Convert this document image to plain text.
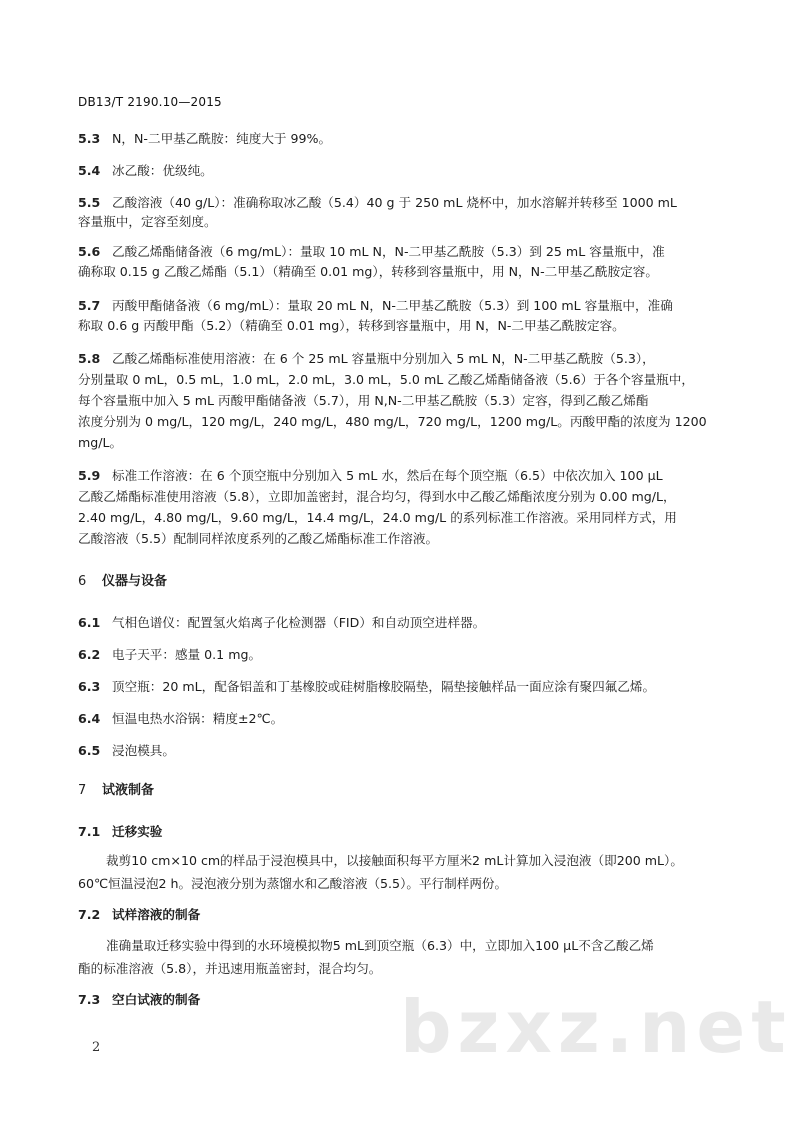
DB13/T 2190.10—2015
5.3 N，N-二甲基乙酰胺：纯度大于 99%。
5.4 冰乙酸：优级纯。
5.5 乙酸溶液（40 g/L）：准确称取冰乙酸（5.4）40 g 于 250 mL 烧杯中，加水溶解并转移至 1000 mL
容量瓶中，定容至刻度。
5.6 乙酸乙烯酯储备液（6 mg/mL）：量取 10 mL N，N-二甲基乙酰胺（5.3）到 25 mL 容量瓶中，准
确称取 0.15 g 乙酸乙烯酯（5.1）（精确至 0.01 mg），转移到容量瓶中，用 N，N-二甲基乙酰胺定容。
5.7 丙酸甲酯储备液（6 mg/mL）：量取 20 mL N，N-二甲基乙酰胺（5.3）到 100 mL 容量瓶中，准确
称取 0.6 g 丙酸甲酯（5.2）（精确至 0.01 mg），转移到容量瓶中，用 N，N-二甲基乙酰胺定容。
5.8 乙酸乙烯酯标准使用溶液：在 6 个 25 mL 容量瓶中分别加入 5 mL N，N-二甲基乙酰胺（5.3），
分别量取 0 mL，0.5 mL，1.0 mL，2.0 mL，3.0 mL，5.0 mL 乙酸乙烯酯储备液（5.6）于各个容量瓶中，
每个容量瓶中加入 5 mL 丙酸甲酯储备液（5.7），用 N,N-二甲基乙酰胺（5.3）定容，得到乙酸乙烯酯
浓度分别为 0 mg/L，120 mg/L，240 mg/L，480 mg/L，720 mg/L，1200 mg/L。丙酸甲酯的浓度为 1200
mg/L。
5.9 标准工作溶液：在 6 个顶空瓶中分别加入 5 mL 水，然后在每个顶空瓶（6.5）中依次加入 100 μL
乙酸乙烯酯标准使用溶液（5.8），立即加盖密封，混合均匀，得到水中乙酸乙烯酯浓度分别为 0.00 mg/L，
2.40 mg/L，4.80 mg/L，9.60 mg/L，14.4 mg/L，24.0 mg/L 的系列标准工作溶液。采用同样方式，用
乙酸溶液（5.5）配制同样浓度系列的乙酸乙烯酯标准工作溶液。
6 仪器与设备
6.1 气相色谱仪：配置氢火焰离子化检测器（FID）和自动顶空进样器。
6.2 电子天平：感量 0.1 mg。
6.3 顶空瓶：20 mL，配备铝盖和丁基橡胶或硅树脂橡胶隔垫，隔垫接触样品一面应涂有聚四氟乙烯。
6.4 恒温电热水浴锅：精度±2℃。
6.5 浸泡模具。
7 试液制备
7.1 迁移实验
裁剪10 cm×10 cm的样品于浸泡模具中，以接触面积每平方厘米2 mL计算加入浸泡液（即200 mL）。
60℃恒温浸泡2 h。浸泡液分别为蒸馏水和乙酸溶液（5.5）。平行制样两份。
7.2 试样溶液的制备
准确量取迁移实验中得到的水环境模拟物5 mL到顶空瓶（6.3）中，立即加入100 μL不含乙酸乙烯
酯的标准溶液（5.8），并迅速用瓶盖密封，混合均匀。
7.3 空白试液的制备	bzxz.net
2
